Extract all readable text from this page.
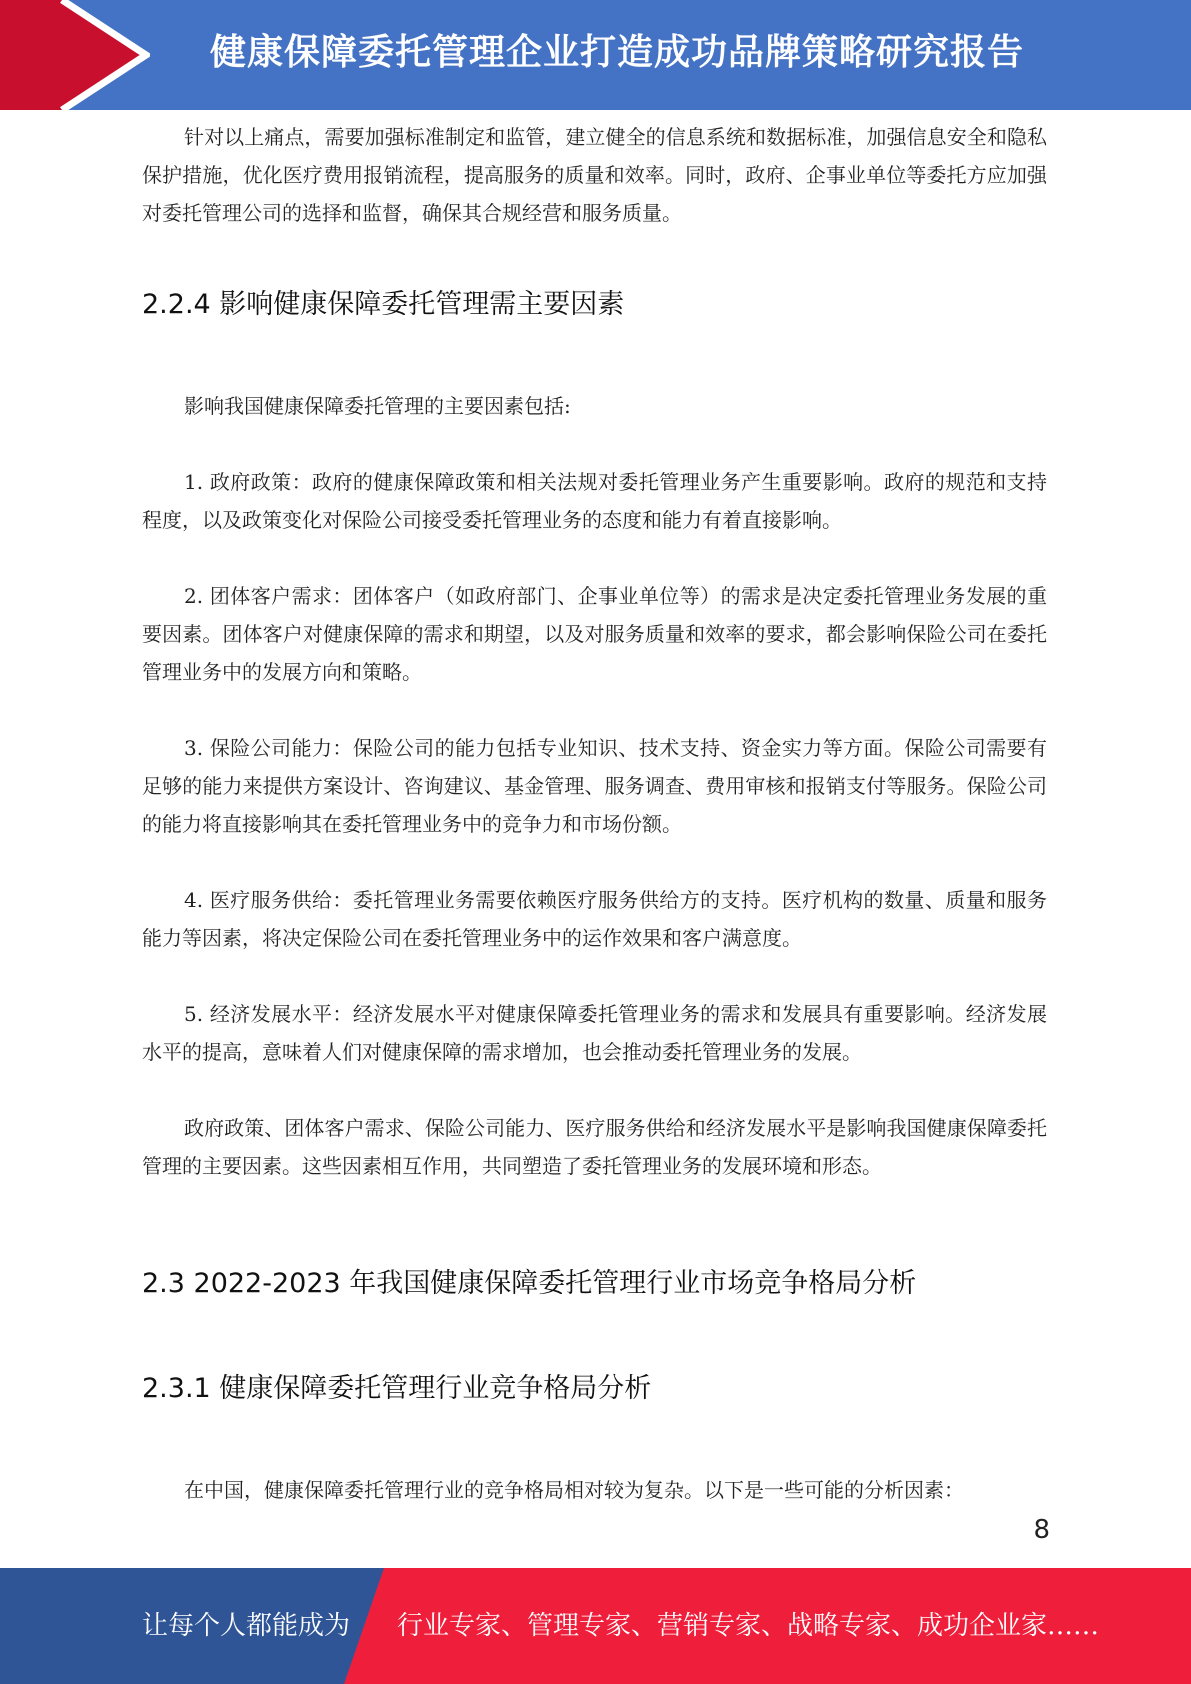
健康保障委托管理企业打造成功品牌策略研究报告

针对以上痛点，需要加强标准制定和监管，建立健全的信息系统和数据标准，加强信息安全和隐私保护措施，优化医疗费用报销流程，提高服务的质量和效率。同时，政府、企事业单位等委托方应加强对委托管理公司的选择和监督，确保其合规经营和服务质量。

2.2.4 影响健康保障委托管理需主要因素

影响我国健康保障委托管理的主要因素包括:

1. 政府政策：政府的健康保障政策和相关法规对委托管理业务产生重要影响。政府的规范和支持程度，以及政策变化对保险公司接受委托管理业务的态度和能力有着直接影响。

2. 团体客户需求：团体客户（如政府部门、企事业单位等）的需求是决定委托管理业务发展的重要因素。团体客户对健康保障的需求和期望，以及对服务质量和效率的要求，都会影响保险公司在委托管理业务中的发展方向和策略。

3. 保险公司能力：保险公司的能力包括专业知识、技术支持、资金实力等方面。保险公司需要有足够的能力来提供方案设计、咨询建议、基金管理、服务调查、费用审核和报销支付等服务。保险公司的能力将直接影响其在委托管理业务中的竞争力和市场份额。

4. 医疗服务供给：委托管理业务需要依赖医疗服务供给方的支持。医疗机构的数量、质量和服务能力等因素，将决定保险公司在委托管理业务中的运作效果和客户满意度。

5. 经济发展水平：经济发展水平对健康保障委托管理业务的需求和发展具有重要影响。经济发展水平的提高，意味着人们对健康保障的需求增加，也会推动委托管理业务的发展。

政府政策、团体客户需求、保险公司能力、医疗服务供给和经济发展水平是影响我国健康保障委托管理的主要因素。这些因素相互作用，共同塑造了委托管理业务的发展环境和形态。

2.3 2022-2023 年我国健康保障委托管理行业市场竞争格局分析
2.3.1 健康保障委托管理行业竞争格局分析

在中国，健康保障委托管理行业的竞争格局相对较为复杂。以下是一些可能的分析因素：

8
让每个人都能成为 行业专家、管理专家、营销专家、战略专家、成功企业家……
